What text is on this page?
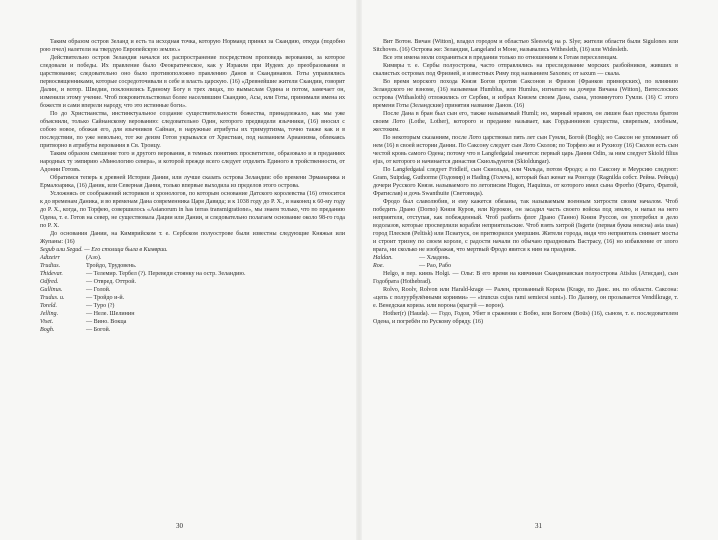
Таким образом остров Зеланд и есть та исходная точка, которую Норманд принял за Скандию, откуда (подобно рою пчел) налетели на твердую Европейскую землю.»

Действительно остров Зеландия начался их распространение посредством проповедь веровании, за которое следовали и победы. Их правление было Феократическое, как у Израиля при Иудеях до преобразования в царствование; следовательно оно было противоположно правлению Данов и Скандинавов. Готы управлялись первосвященниками, которые сосредоточивали в себе и власть царскую. (16) «Древнейшие жители Скандии, говорит Далин, и вотор. Шведии, поклонились Единому Богу в трех лицах, по вымыслам Одина и потом, замечает он, изменили этому учение. Чтоб покровительствовал более населившим Скандию, Асы, или Готы, принимали имена их божеств и сами вперели народу, что это истинные боги».

По до Христианства, инстинктуальное создание существительности божества, принадлежало, как мы уже объяснили, только Сайнанскому верованию: следовательно Один, которого предвидели язычники, (16) вносил с собою новое, обожая его, для язычников Сайнан, в наружные атрибуты их тримуртизма, точно также как и в последствии, по уже невольно, тот же деизм Готов укрывался от Христиан, под названием Арианизма, облекаясь притворно в атрибуты верования в Св. Троицу.

Таким образом смешение того и другого верования, в темных понятиях просветителе, образовало и в преданиях народных ту эмпирию «Миѳологию севера», и которой прежде всего следует отделять Единого в тройственности, от Адонии Готовъ.

Обратимся теперь к древней Истории Дании, или лучше сказать острова Зеландии: обо времени Эрманарика и Ермалоарика, (16) Даник, или Северная Дания, только впервые выходила из пределов этого острова.

Усложнясь от соображений историков и хронологов, по которым основание Датского королевства (16) относится к до временам Даника, и во временам Дана современника Царя Давида; и к 1038 году до Р. Х., и наконец к 60-му году до Р. Х., когда, по Торфею, совершилось «Asianorum in has terras transmigratione», мы знаем только, что по преданию Одена, т. е. Готов на север, не существовала Дации или Дании, и следовательно полагаем основание около 98-го года по Р. Х.

До основания Дании, на Кимврийском т. е. Сербском полуострове были известны следующие Княжьи или Жупаны: (16)

Segub или Segud. — Его столица была в Кимврии.

Adtzeirr	(Азо).
Trudius.	Тройдо, Трудовень.
Thidevar.	— Телемир. Тербел (?). Переведи стоянку на остр. Зеландию.
Odfred.	— Отвред. Оттрой.
Gullinus.	— Голой.
Trudus. и.	— Тройдо и-й.
Toreld.	— Туро (?)
Jelling.	— Неле. Шелинин
Viset.	— Вино. Вокца
Bogh.	— Богой.
30

Вит Вотон. Вичан (Witton), владел городом и областью Sleeswig на р. Slye; жители области были Sigulones или Sitchoves. (16) Острова же: Зеландия, Langeland и Моне, назывались Withesleth, (16) или Widesleth.

Все эти имена моли сохраниться в предании только по отношениям к Готам переселенцам.

Кимвры т. е. Сербы полуострова, часто отправлялись на преследование морских разбойников, живших в скалистых островах под Фризией, и известных Риму под названием Saxones; от saxum — скала.

Во время морского похода Князя Богов против Саксонов и Фризов (Франков приморских), по влиянию Зеландского не взноме, (16) назывемая Humblus, или Humlus, изгнатаго на дочери Вичана (Witton), Витеслоских острова (Withasloth) отложились от Сербии, и избрал Князем своим Дана, сына, упомянутого Гумли. (16) С этого времени Готы (Зеландские) принятия название Данов. (16)

После Дана в бран был сын его, также называемый Humli; но, мирный нравом, он лишен был престола братом своим Лото (Lothe, Lother), которого и предание называет, как Гордыннинов существа, свирепым, злобным, жестоким.

По некоторым сказаниям, после Лото царствовал пять лет сын Гумли, Богой (Bogh); но Саксон не упоминает об нем (16) в своей истории Дании. По Саксону следует сын Лото Сколов; по Торфею же и Рухиозу (16) Сколов есть сын честой кровь самого Одена; потому что в Langfedgatal значится: первый царь Данни Odin, за ним следует Skiold filius ejus, от которого и начинается династия Скиольдунгов (Skioldungar).

По Langfedgatal следует Fridleif, сын Скиольда, или Чильда, потом Фродо; а по Саксону и Меурсию следуют: Gram, Suipdag, Guthorme (Годомир) и Hading (Голечь), который был женат на Ронгоде (Ragnilda собст. Рейна. Рейнда) дочери Русского Князя. называемого по летописям Hugon, Haquinus, от которого имел сына Фротho (Фрато, Фратой, Фратислав) и дочь Swanthuite (Световида).

Фродо был славолюбив, и ему кажется обязаны, так называемым военным хитрости своим началом. Чтоб победить Драно (Dorno) Князя Куров, или Курокон, он засадил часть своего войска под землю, и напал на него неприятеля, отступая, как побежденный. Чтоб разбить флот Драно (Танно) Князя Руссов, он употребил в дело водолазов, которые просверлили корабли неприятельские. Чтоб взять хитрой (Isgerte (первая буква неясна) asta usas) город Плесков (Peltisk) или Псиатуск, он притворился умершим. Жители города, видя что неприятель снимает мосты и строит тризну по своем короле, с радости начали по обычаю праздновать Вастрасу, (16) но избавление от злого врага, ни сколько не изображая, что мертвый Фродо явится к ним на праздник.

Haldan.	— Хладень.
Roe.	— Рао, Рабо

Helgo, в пер. киязь Holgi. — Ольг. В его время на кивчинан Скандинавская полуострова Atislus (Атисдан), сын Годобрата (Hothebrad).

Rolvo, Roolv, Rolvon или Harald-krage — Рален, прозванный Корила (Krage, по Данс. ин. по области. Саксона: «цепь с полуурбулёнными кориями» — «truncus cujus rami semiecsi sunt»). По Далину, он прозывается Vendilkrage, т. е. Венедская кориза. или ворона (крагуй — ворон).

Hother(r) (Hauda). — Годо, Годов, Убит в сражении с Вобю, или Богоем (Boüs) (16), сыном, т. е. последователем Одена, и погребён по Рускому обряду. (16)

31
